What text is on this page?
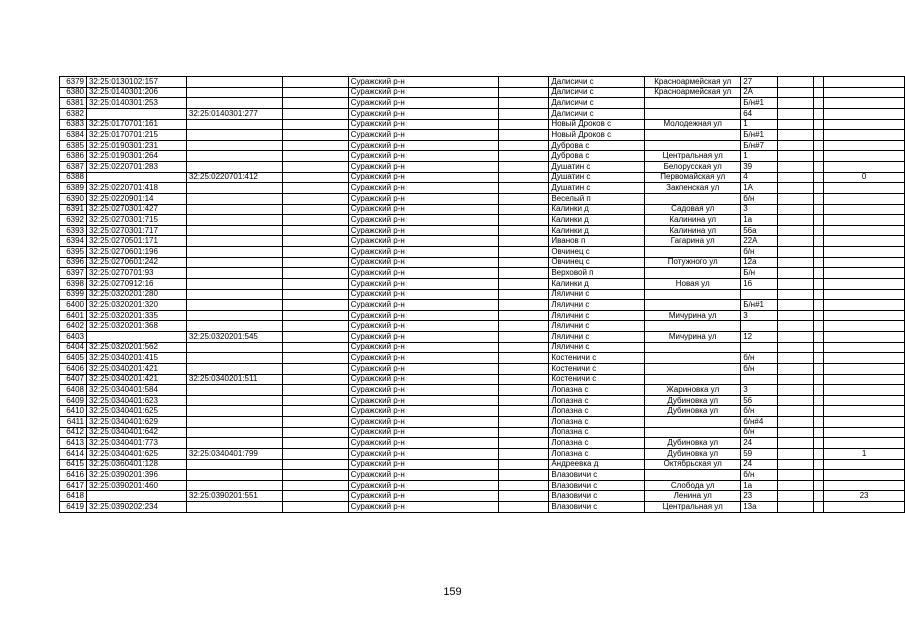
6379	32:25:0130102:157			Суражский р-н		Далисичи с	Красноармейская ул	27			
6380	32:25:0140301:206			Суражский р-н		Далисичи с	Красноармейская ул	2А			
6381	32:25:0140301:253			Суражский р-н		Далисичи с		Б/н#1			
6382		32:25:0140301:277		Суражский р-н		Далисичи с		64			
6383	32:25:0170701:161			Суражский р-н		Новый Дроков с	Молодежная ул	1			
6384	32:25:0170701:215			Суражский р-н		Новый Дроков с		Б/н#1			
6385	32:25:0190301:231			Суражский р-н		Дуброва с		Б/н#7			
6386	32:25:0190301:264			Суражский р-н		Дуброва с	Центральная ул	1			
6387	32:25:0220701:283			Суражский р-н		Душатин с	Белорусская ул	39			
6388		32:25:0220701:412		Суражский р-н		Душатин с	Первомайская ул	4			0
6389	32:25:0220701:418			Суражский р-н		Душатин с	Закпенская ул	1А			
6390	32:25:0220901:14			Суражский р-н		Веселый п		б/н			
6391	32:25:0270301:427			Суражский р-н		Калинки д	Садовая ул	3			
6392	32:25:0270301:715			Суражский р-н		Калинки д	Калинина ул	1а			
6393	32:25:0270301:717			Суражский р-н		Калинки д	Калинина ул	56а			
6394	32:25:0270501:171			Суражский р-н		Иванов п	Гагарина ул	22А			
6395	32:25:0270601:196			Суражский р-н		Овчинец с		б/н			
6396	32:25:0270601:242			Суражский р-н		Овчинец с	Потужного ул	12а			
6397	32:25:0270701:93			Суражский р-н		Верховой п		Б/н			
6398	32:25:0270912:16			Суражский р-н		Калинки д	Новая ул	16			
6399	32:25:0320201:280			Суражский р-н		Лялични с					
6400	32:25:0320201:320			Суражский р-н		Лялични с		Б/н#1			
6401	32:25:0320201:335			Суражский р-н		Лялични с	Мичурина ул	3			
6402	32:25:0320201:368			Суражский р-н		Лялични с					
6403		32:25:0320201:545		Суражский р-н		Лялични с	Мичурина ул	12			
6404	32:25:0320201:562			Суражский р-н		Лялични с					
6405	32:25:0340201:415			Суражский р-н		Костеничи с		б/н			
6406	32:25:0340201:421			Суражский р-н		Костеничи с		б/н			
6407	32:25:0340201:421	32:25:0340201:511		Суражский р-н		Костеничи с					
6408	32:25:0340401:584			Суражский р-н		Лопазна с	Жариновка ул	3			
6409	32:25:0340401:623			Суражский р-н		Лопазна с	Дубиновка ул	56			
6410	32:25:0340401:625			Суражский р-н		Лопазна с	Дубиновка ул	б/н			
6411	32:25:0340401:629			Суражский р-н		Лопазна с		б/н#4			
6412	32:25:0340401:642			Суражский р-н		Лопазна с		б/н			
6413	32:25:0340401:773			Суражский р-н		Лопазна с	Дубиновка ул	24			
6414	32:25:0340401:625	32:25:0340401:799		Суражский р-н		Лопазна с	Дубиновка ул	59			1
6415	32:25:0360401:128			Суражский р-н		Андреевка д	Октябрьская ул	24			
6416	32:25:0390201:396			Суражский р-н		Влазовичи с		б/н			
6417	32:25:0390201:460			Суражский р-н		Влазовичи с	Слобода ул	1а			
6418		32:25:0390201:551		Суражский р-н		Влазовичи с	Ленина ул	23			23
6419	32:25:0390202:234			Суражский р-н		Влазовичи с	Центральная ул	13а			
159
